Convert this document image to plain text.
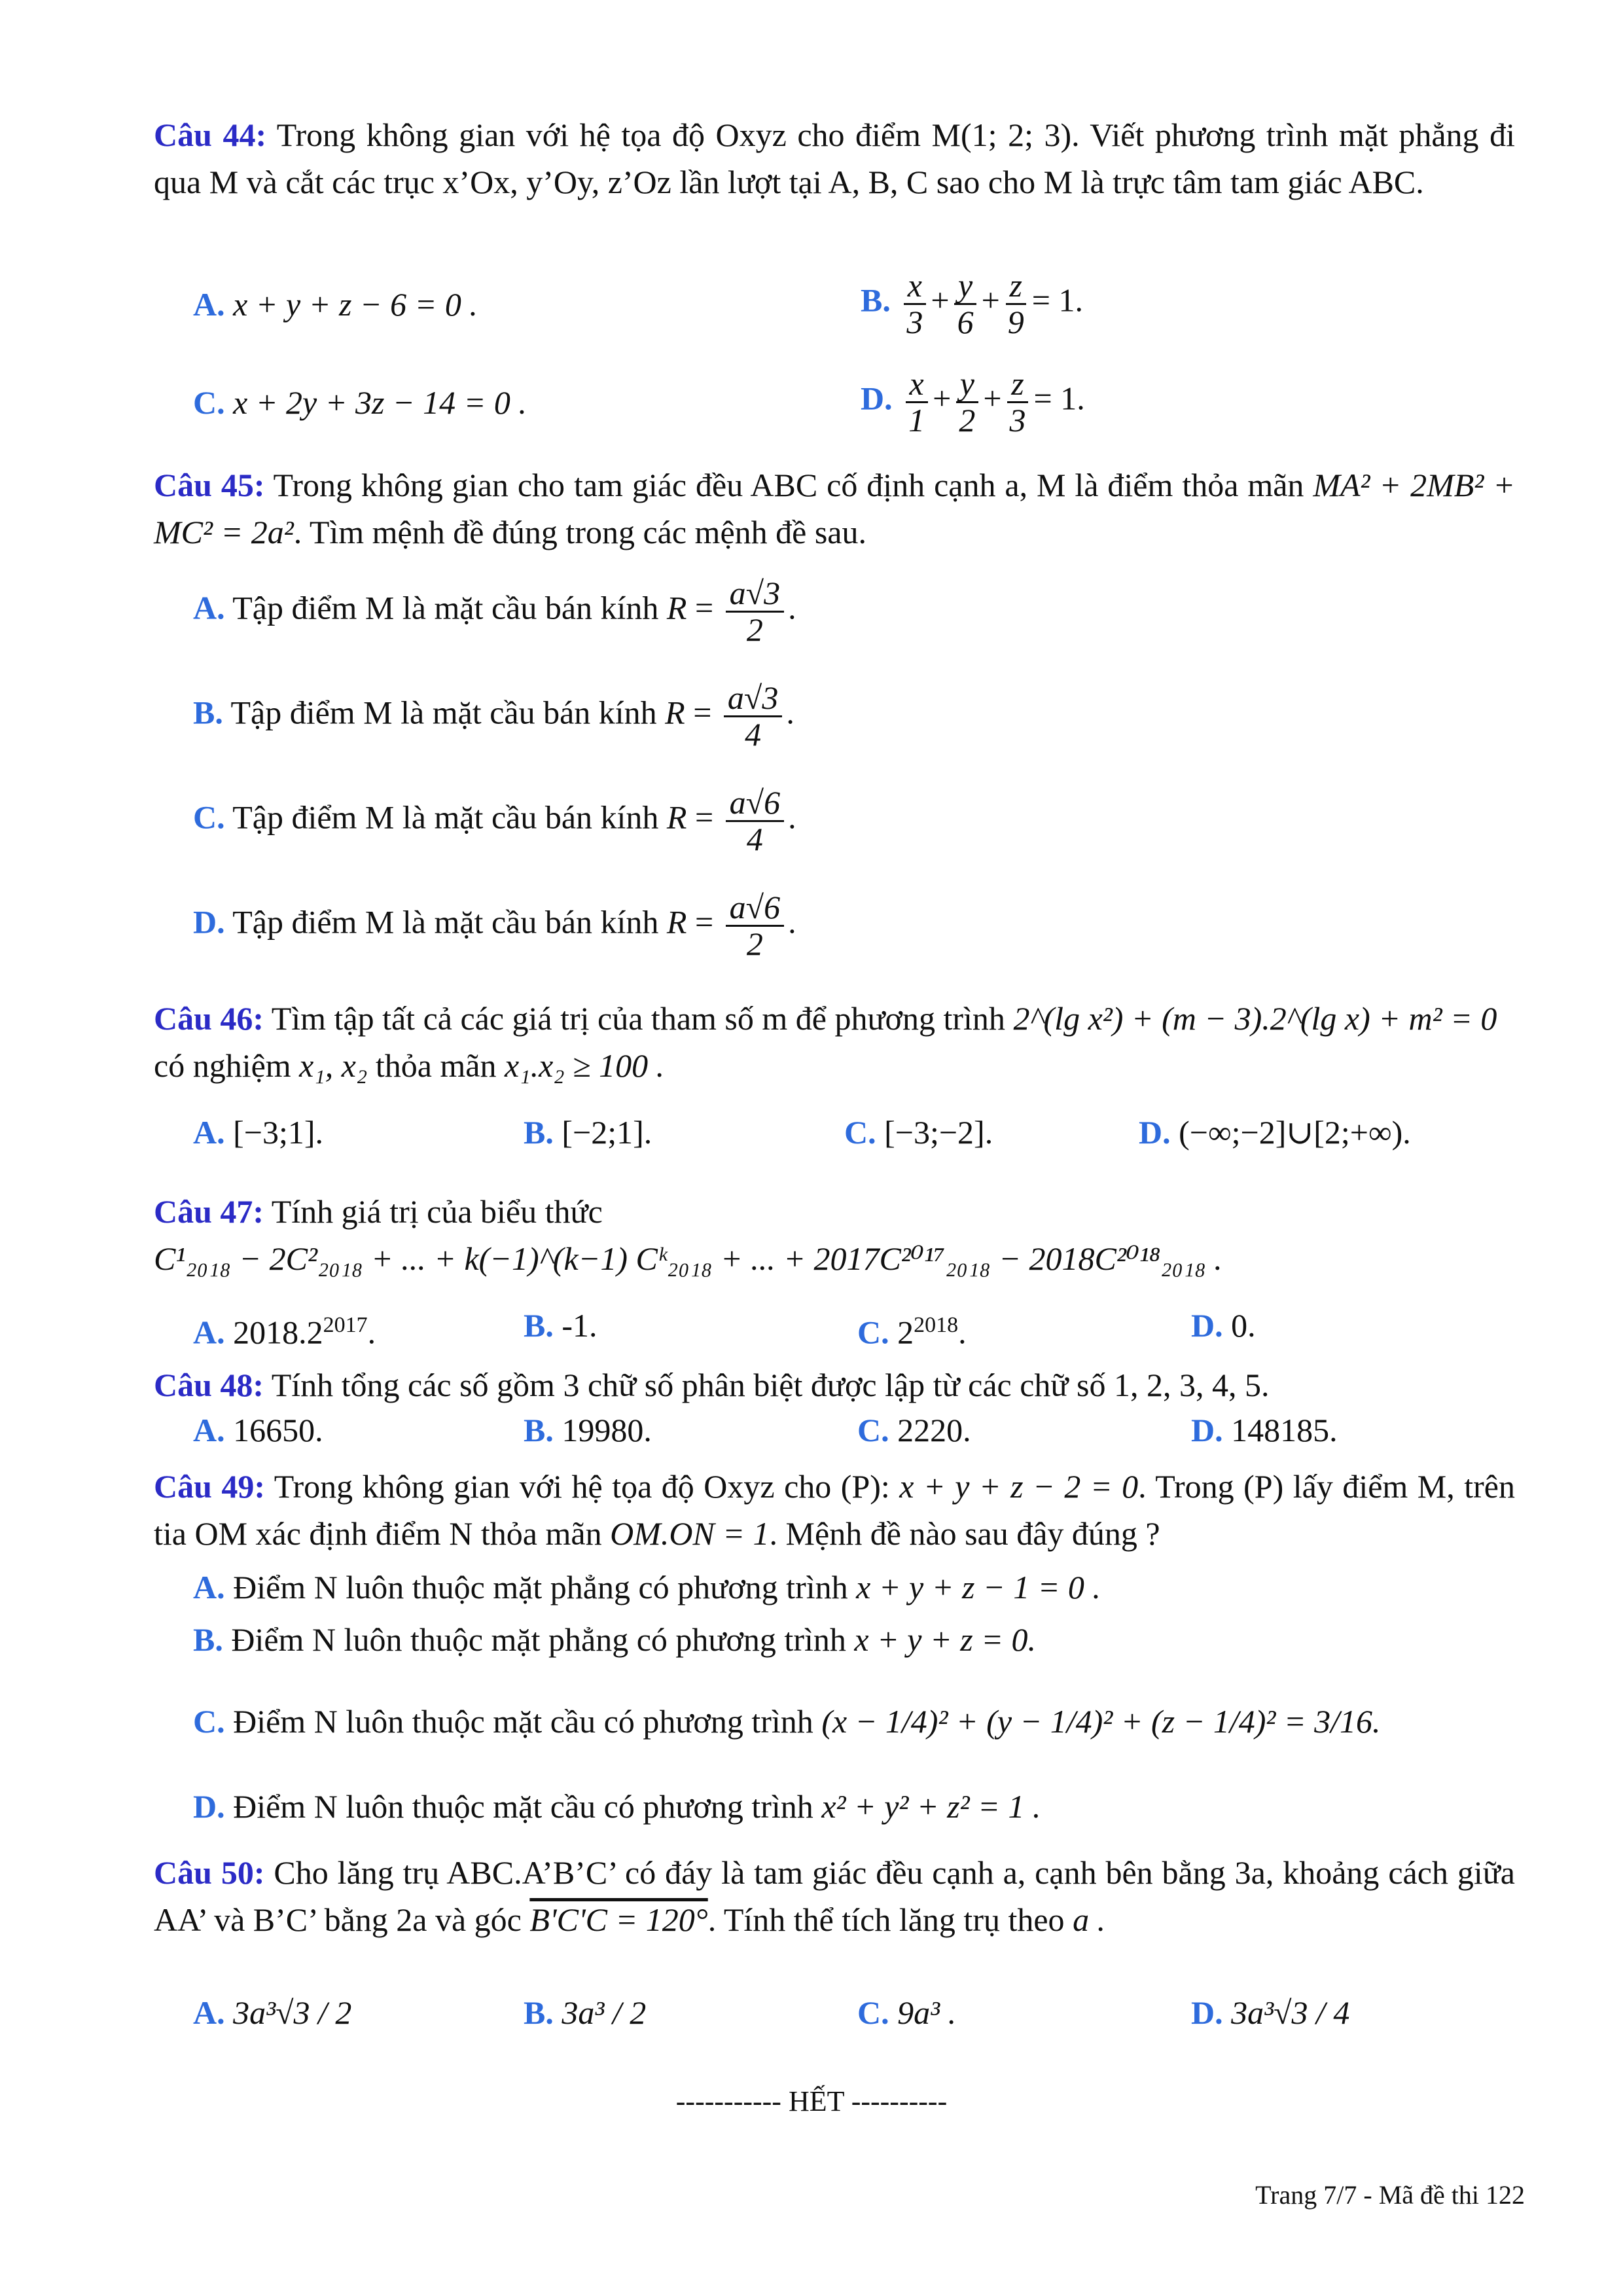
Câu 44: Trong không gian với hệ tọa độ Oxyz cho điểm M(1; 2; 3). Viết phương trình mặt phẳng đi qua M và cắt các trục x’Ox, y’Oy, z’Oz lần lượt tại A, B, C sao cho M là trực tâm tam giác ABC.
A. x + y + z − 6 = 0 .	B. $\frac{x}{3} + \frac{y}{6} + \frac{z}{9} = 1$.
C. x + 2y + 3z − 14 = 0 .	D. $\frac{x}{1} + \frac{y}{2} + \frac{z}{3} = 1$.
Câu 45: Trong không gian cho tam giác đều ABC cố định cạnh a, M là điểm thỏa mãn MA² + 2MB² + MC² = 2a². Tìm mệnh đề đúng trong các mệnh đề sau.
A. Tập điểm M là mặt cầu bán kính $R = \frac{a√3}{2}$ .
B. Tập điểm M là mặt cầu bán kính $R = \frac{a√3}{4}$ .
C. Tập điểm M là mặt cầu bán kính $R = \frac{a√6}{4}$ .
D. Tập điểm M là mặt cầu bán kính $R = \frac{a√6}{2}$ .
Câu 46: Tìm tập tất cả các giá trị của tham số m để phương trình 2^(lg x²) + (m − 3).2^(lg x) + m² = 0
có nghiệm x₁, x₂ thỏa mãn x₁.x₂ ≥ 100 .
A. [−3;1].	B. [−2;1].	C. [−3;−2].	D. (−∞;−2]∪[2;+∞).
Câu 47: Tính giá trị của biểu thức
C¹₂₀₁₈ − 2C²₂₀₁₈ + ... + k(−1)^(k−1) Cᵏ₂₀₁₈ + ... + 2017C²⁰¹⁷₂₀₁₈ − 2018C²⁰¹⁸₂₀₁₈ .
A. $2018.2^{2017}$.	B. -1.	C. $2^{2018}$.	D. 0.
Câu 48: Tính tổng các số gồm 3 chữ số phân biệt được lập từ các chữ số 1, 2, 3, 4, 5.
A. 16650.	B. 19980.	C. 2220.	D. 148185.
Câu 49: Trong không gian với hệ tọa độ Oxyz cho (P): x + y + z − 2 = 0. Trong (P) lấy điểm M, trên tia OM xác định điểm N thỏa mãn OM.ON = 1. Mệnh đề nào sau đây đúng ?
A. Điểm N luôn thuộc mặt phẳng có phương trình x + y + z − 1 = 0 .
B. Điểm N luôn thuộc mặt phẳng có phương trình x + y + z = 0.
C. Điểm N luôn thuộc mặt cầu có phương trình (x − 1/4)² + (y − 1/4)² + (z − 1/4)² = 3/16.
D. Điểm N luôn thuộc mặt cầu có phương trình x² + y² + z² = 1 .
Câu 50: Cho lăng trụ ABC.A’B’C’ có đáy là tam giác đều cạnh a, cạnh bên bằng 3a, khoảng cách giữa AA’ và B’C’ bằng 2a và góc B'C'C = 120°. Tính thể tích lăng trụ theo a .
A. 3a³√3 / 2	B. 3a³ / 2	C. 9a³ .	D. 3a³√3 / 4
----------- HẾT ----------
Trang 7/7 - Mã đề thi 122
